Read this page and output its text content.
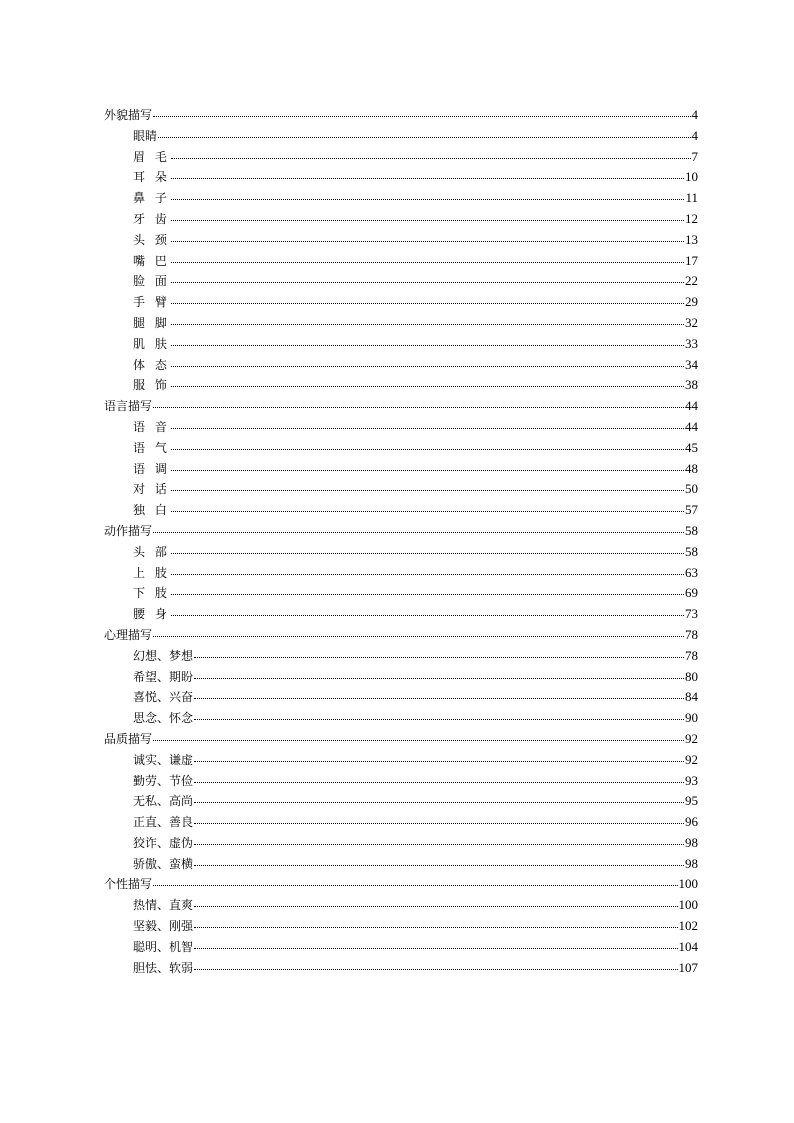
外貌描写	4
眼睛	4
眉 毛	7
耳 朵	10
鼻 子	11
牙 齿	12
头 颈	13
嘴 巴	17
脸 面	22
手 臂	29
腿 脚	32
肌 肤	33
体 态	34
服 饰	38
语言描写	44
语 音	44
语 气	45
语 调	48
对 话	50
独 白	57
动作描写	58
头 部	58
上 肢	63
下 肢	69
腰 身	73
心理描写	78
幻想、梦想	78
希望、期盼	80
喜悦、兴奋	84
思念、怀念	90
品质描写	92
诚实、谦虚	92
勤劳、节俭	93
无私、高尚	95
正直、善良	96
狡诈、虚伪	98
骄傲、蛮横	98
个性描写	100
热情、直爽	100
坚毅、刚强	102
聪明、机智	104
胆怯、软弱	107
